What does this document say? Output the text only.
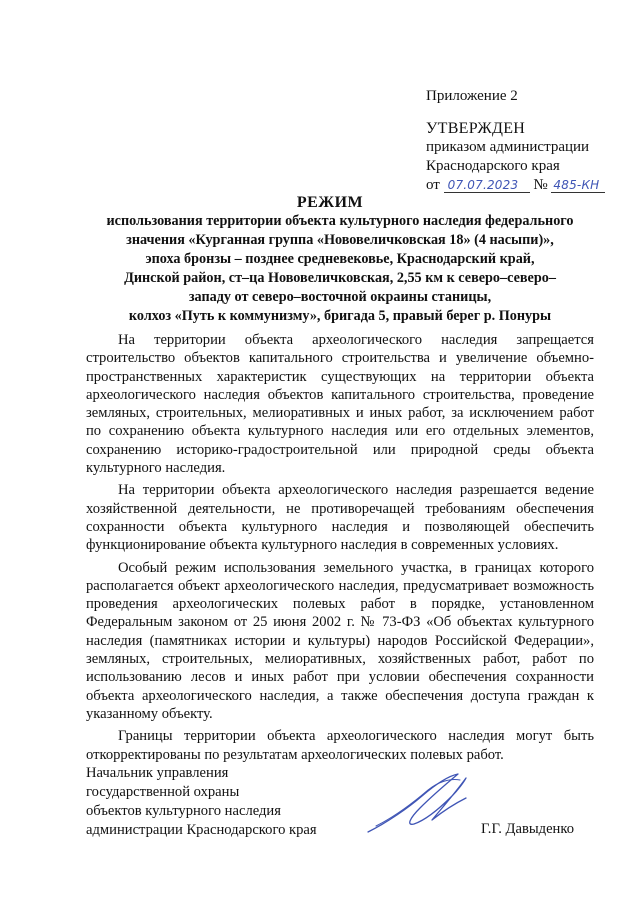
Приложение 2
УТВЕРЖДЕН
приказом администрации
Краснодарского края
от 07.07.2023 № 485-КН
РЕЖИМ
использования территории объекта культурного наследия федерального
значения «Курганная группа «Нововеличковская 18» (4 насыпи)»,
эпоха бронзы – позднее средневековье, Краснодарский край,
Динской район, ст–ца Нововеличковская, 2,55 км к северо–северо–
западу от северо–восточной окраины станицы,
колхоз «Путь к коммунизму», бригада 5, правый берег р. Понуры

На территории объекта археологического наследия запрещается строительство объектов капитального строительства и увеличение объемно-пространственных характеристик существующих на территории объекта археологического наследия объектов капитального строительства, проведение земляных, строительных, мелиоративных и иных работ, за исключением работ по сохранению объекта культурного наследия или его отдельных элементов, сохранению историко-градостроительной или природной среды объекта культурного наследия.

На территории объекта археологического наследия разрешается ведение хозяйственной деятельности, не противоречащей требованиям обеспечения сохранности объекта культурного наследия и позволяющей обеспечить функционирование объекта культурного наследия в современных условиях.

Особый режим использования земельного участка, в границах которого располагается объект археологического наследия, предусматривает возможность проведения археологических полевых работ в порядке, установленном Федеральным законом от 25 июня 2002 г. № 73-ФЗ «Об объектах культурного наследия (памятниках истории и культуры) народов Российской Федерации», земляных, строительных, мелиоративных, хозяйственных работ, работ по использованию лесов и иных работ при условии обеспечения сохранности объекта археологического наследия, а также обеспечения доступа граждан к указанному объекту.

Границы территории объекта археологического наследия могут быть откорректированы по результатам археологических полевых работ.

Начальник управления
государственной охраны
объектов культурного наследия
администрации Краснодарского края	Г.Г. Давыденко
